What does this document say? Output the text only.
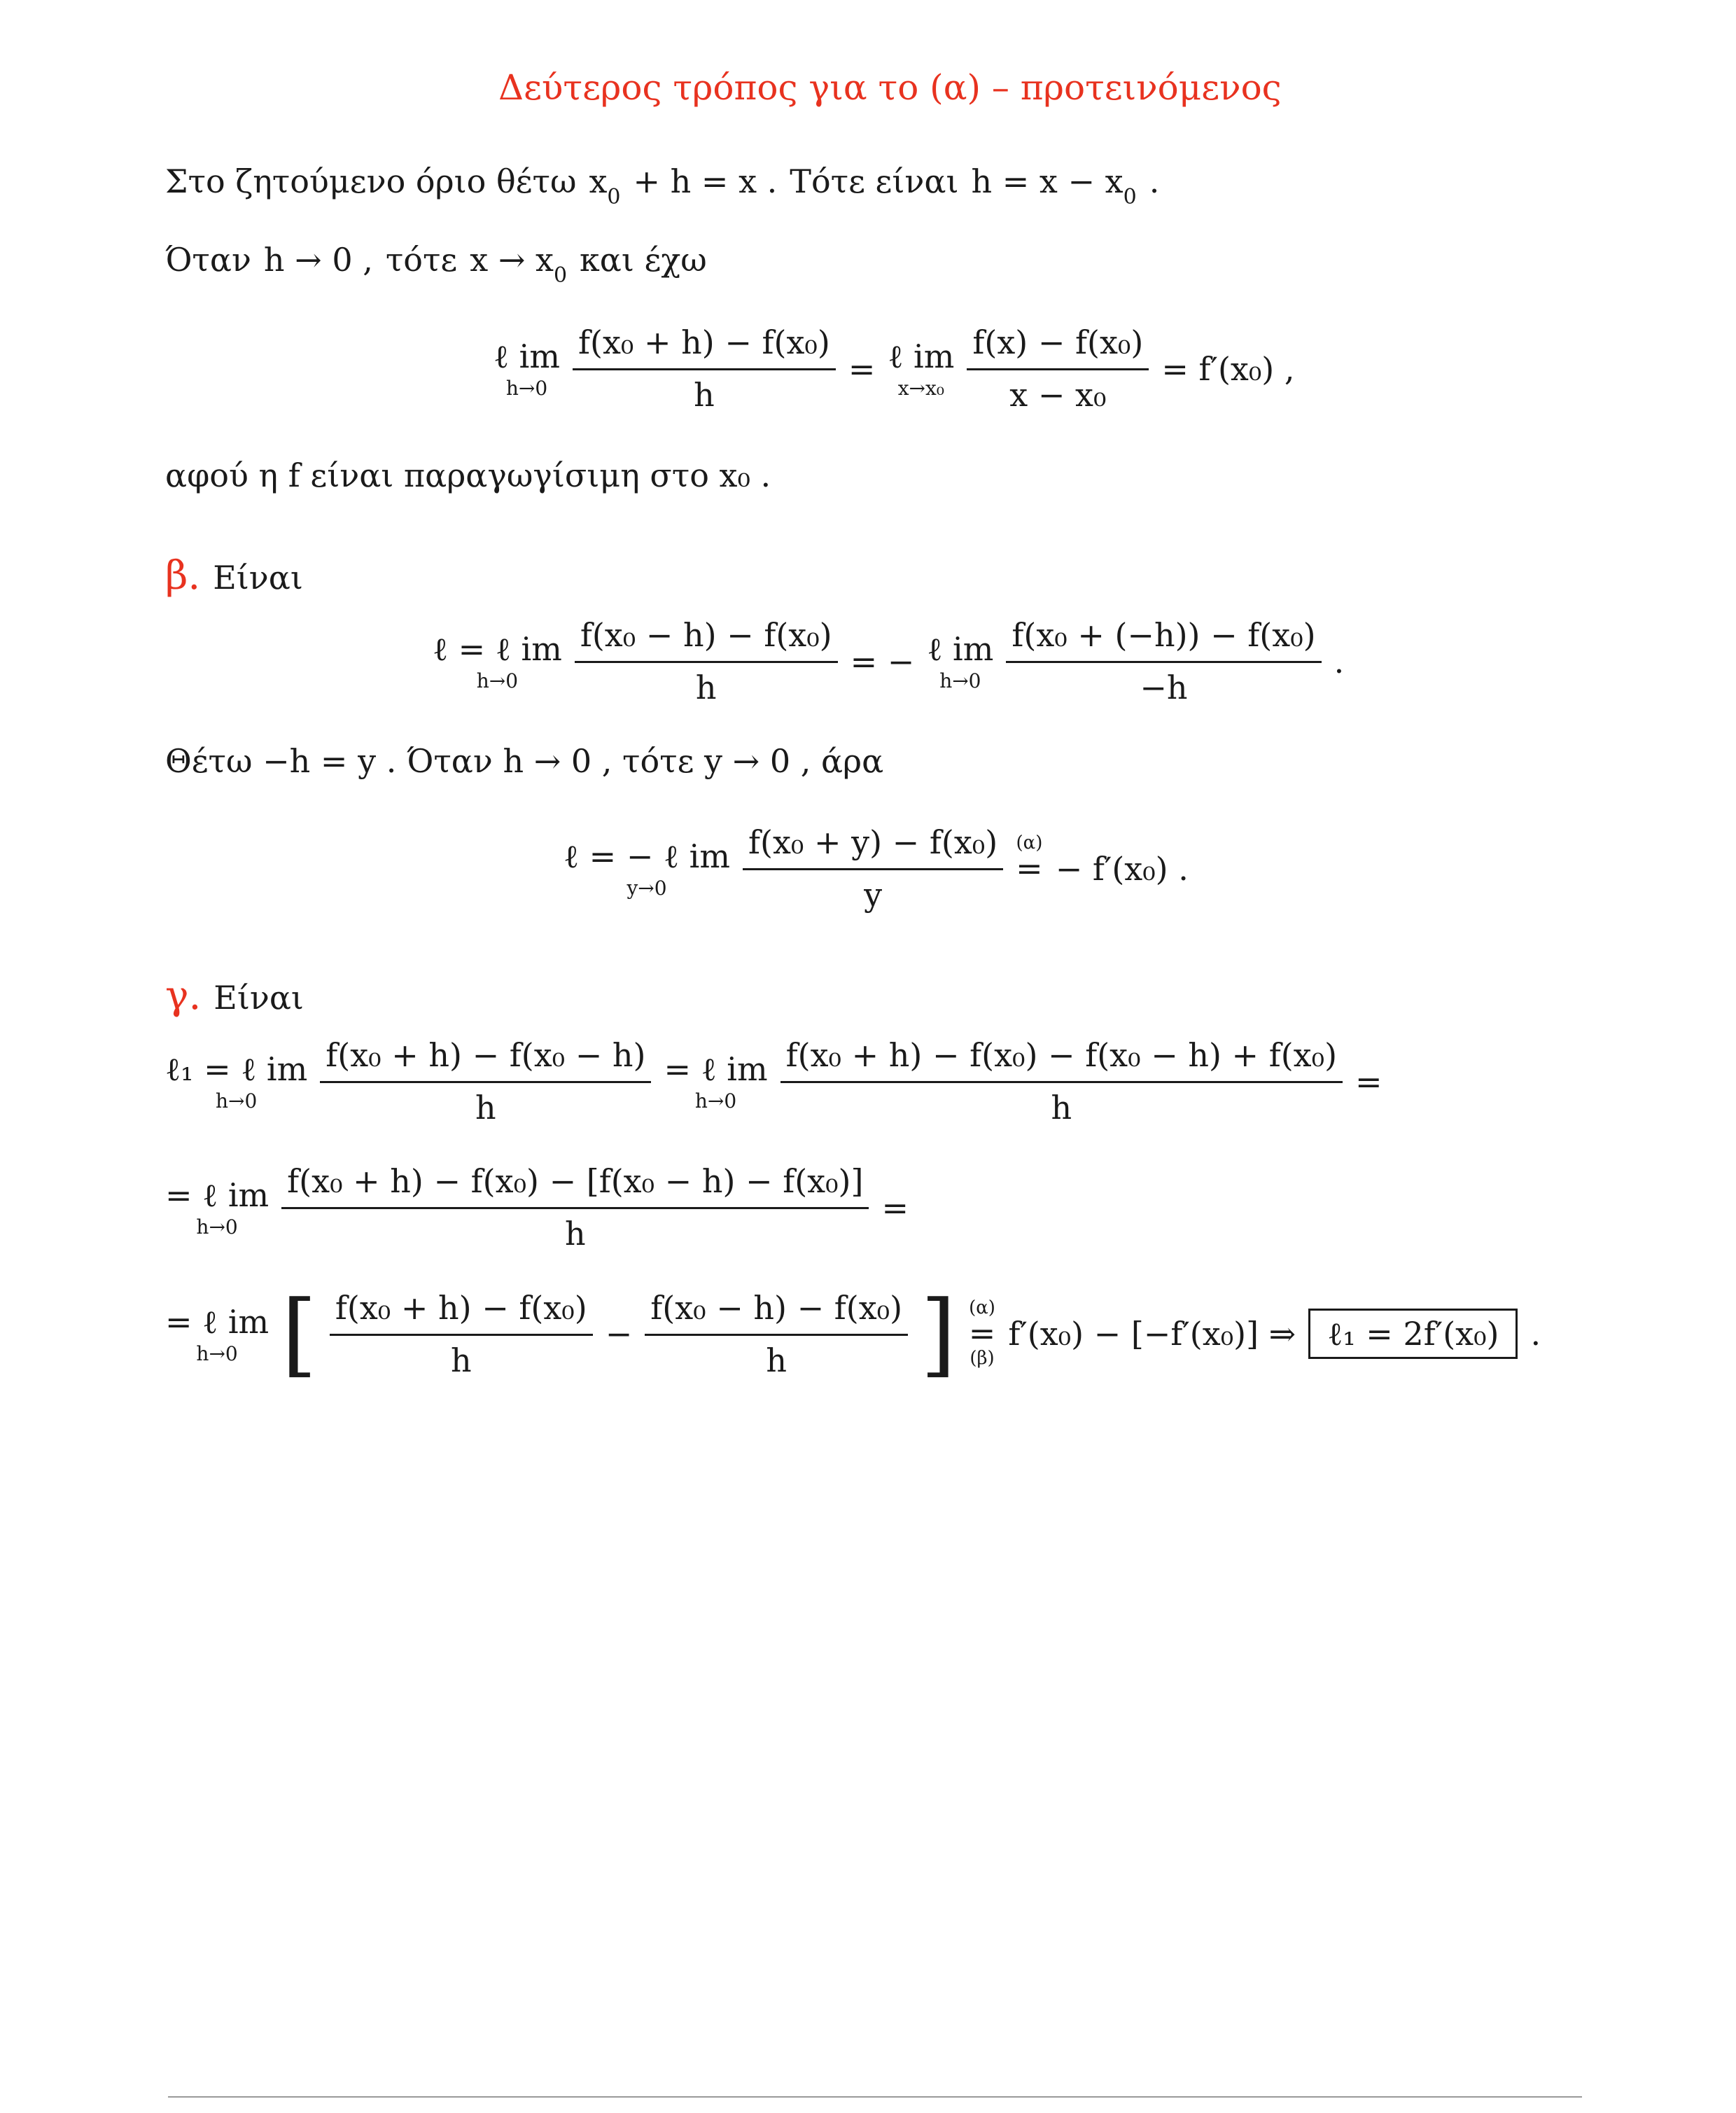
Δεύτερος τρόπος για το (α) – προτεινόμενος
Στο ζητούμενο όριο θέτω $x_0 + h = x$ . Τότε είναι $h = x - x_0$ .
Όταν h → 0 , τότε $x \to x_0$ και έχω
ℓ im
$h\to 0 \frac{\text{f(x₀ + h) − f(x₀)}}{h}$ = ℓ im
$x\to x_0 \frac{\text{f(x) − f(x₀)}}{\text{x − x₀}} = f'(x_0)$ ,
αφού η f είναι παραγωγίσιμη στο x₀ .
β. Είναι
ℓ = ℓ im
$h\to 0 \frac{\text{f(x₀ − h) − f(x₀)}}{h}$ = − ℓ im
$h\to 0 \frac{\text{f(x₀ + (−h)) − f(x₀)}}{-h}$ .
Θέτω −h = y . Όταν h → 0 , τότε y → 0 , άρα
ℓ = − ℓ im
$y\to 0 \frac{\text{f(x₀ + y) − f(x₀)}}{y} (\alpha)$
=
− f′(x₀) .
γ. Είναι
ℓ₁ = ℓ im
$h\to 0 \frac{\text{f(x₀ + h) − f(x₀ − h)}}{h}$ = ℓ im
$h\to 0 \frac{\text{f(x₀ + h) − f(x₀) − f(x₀ − h) + f(x₀)}}{h}$ =
= ℓ im
$h\to 0 \frac{\text{f(x₀ + h) − f(x₀) − [f(x₀ − h) − f(x₀)]}}{h}$ =
= ℓ im
h→0 [ $\frac{\text{f(x₀ + h) − f(x₀)}}{h} - \frac{\text{f(x₀ − h) − f(x₀)}}{h}$ ] (α)
=
(β)
f′(x₀) − [−f′(x₀)] ⇒ ℓ₁ = 2f′(x₀) .
